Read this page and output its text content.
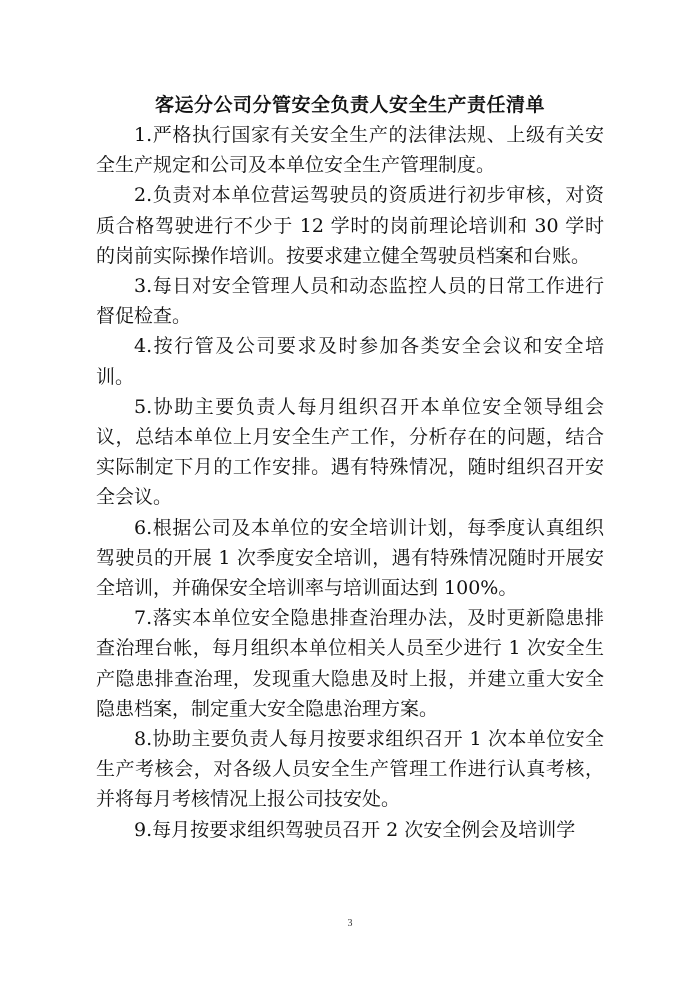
客运分公司分管安全负责人安全生产责任清单

1.严格执行国家有关安全生产的法律法规、上级有关安全生产规定和公司及本单位安全生产管理制度。

2.负责对本单位营运驾驶员的资质进行初步审核，对资质合格驾驶进行不少于 12 学时的岗前理论培训和 30 学时的岗前实际操作培训。按要求建立健全驾驶员档案和台账。

3.每日对安全管理人员和动态监控人员的日常工作进行督促检查。

4.按行管及公司要求及时参加各类安全会议和安全培训。

5.协助主要负责人每月组织召开本单位安全领导组会议，总结本单位上月安全生产工作，分析存在的问题，结合实际制定下月的工作安排。遇有特殊情况，随时组织召开安全会议。

6.根据公司及本单位的安全培训计划，每季度认真组织驾驶员的开展 1 次季度安全培训，遇有特殊情况随时开展安全培训，并确保安全培训率与培训面达到 100%。

7.落实本单位安全隐患排查治理办法，及时更新隐患排查治理台帐，每月组织本单位相关人员至少进行 1 次安全生产隐患排查治理，发现重大隐患及时上报，并建立重大安全隐患档案，制定重大安全隐患治理方案。

8.协助主要负责人每月按要求组织召开 1 次本单位安全生产考核会，对各级人员安全生产管理工作进行认真考核，并将每月考核情况上报公司技安处。

9.每月按要求组织驾驶员召开 2 次安全例会及培训学

3
